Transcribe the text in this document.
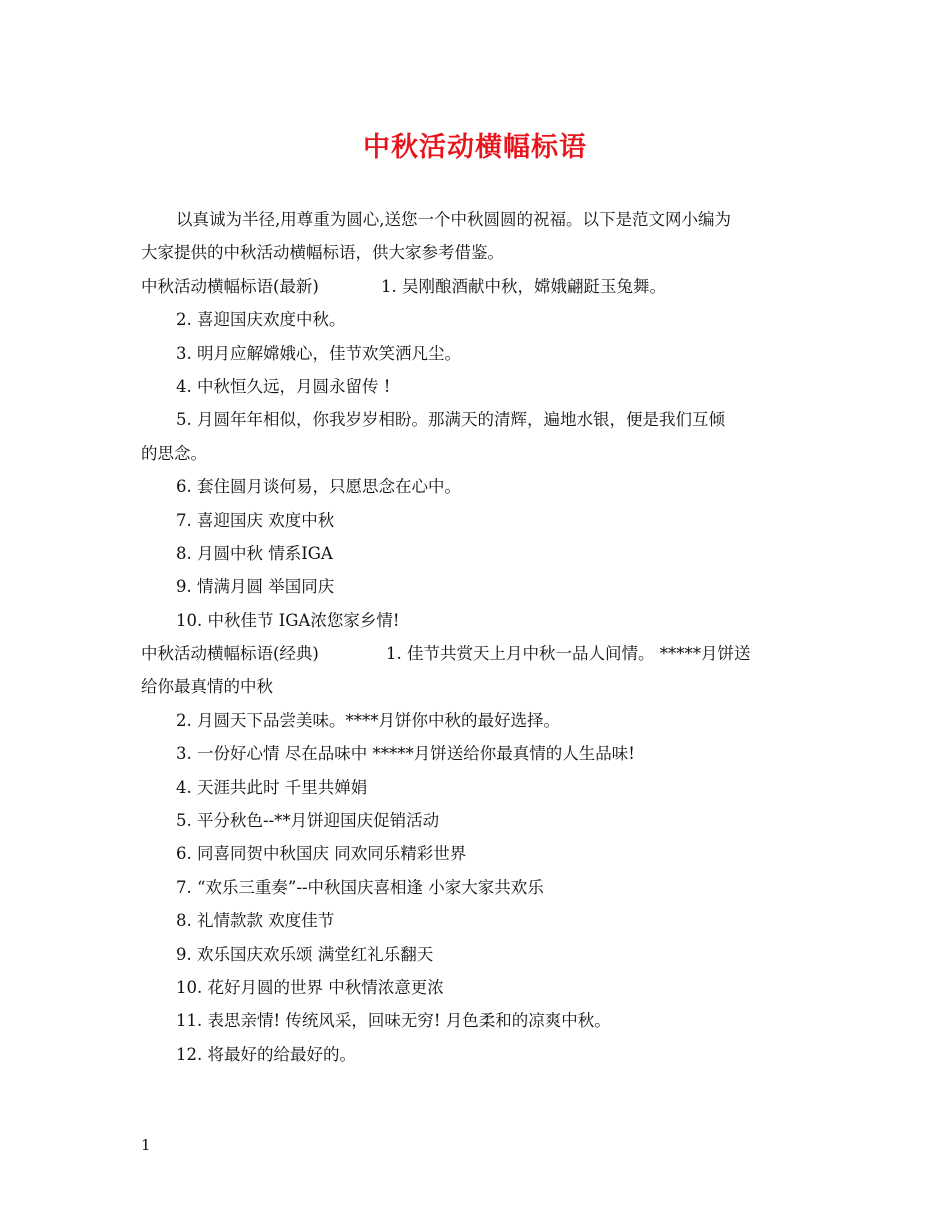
中秋活动横幅标语
以真诚为半径,用尊重为圆心,送您一个中秋圆圆的祝福。以下是范文网小编为
大家提供的中秋活动横幅标语，供大家参考借鉴。
中秋活动横幅标语(最新)	1. 吴刚酿酒献中秋，嫦娥翩跹玉兔舞。
2. 喜迎国庆欢度中秋。
3. 明月应解嫦娥心，佳节欢笑洒凡尘。
4. 中秋恒久远，月圆永留传 !
5. 月圆年年相似，你我岁岁相盼。那满天的清辉，遍地水银，便是我们互倾
的思念。
6. 套住圆月谈何易，只愿思念在心中。
7. 喜迎国庆 欢度中秋
8. 月圆中秋 情系IGA
9. 情满月圆 举国同庆
10. 中秋佳节 IGA浓您家乡情!
中秋活动横幅标语(经典)	1. 佳节共赏天上月中秋一品人间情。 *****月饼送
给你最真情的中秋
2. 月圆天下品尝美味。****月饼你中秋的最好选择。
3. 一份好心情 尽在品味中 *****月饼送给你最真情的人生品味!
4. 天涯共此时 千里共婵娟
5. 平分秋色--**月饼迎国庆促销活动
6. 同喜同贺中秋国庆 同欢同乐精彩世界
7. “欢乐三重奏”--中秋国庆喜相逢 小家大家共欢乐
8. 礼情款款 欢度佳节
9. 欢乐国庆欢乐颂 满堂红礼乐翻天
10. 花好月圆的世界 中秋情浓意更浓
11. 表思亲情! 传统风采，回味无穷! 月色柔和的凉爽中秋。
12. 将最好的给最好的。
1
